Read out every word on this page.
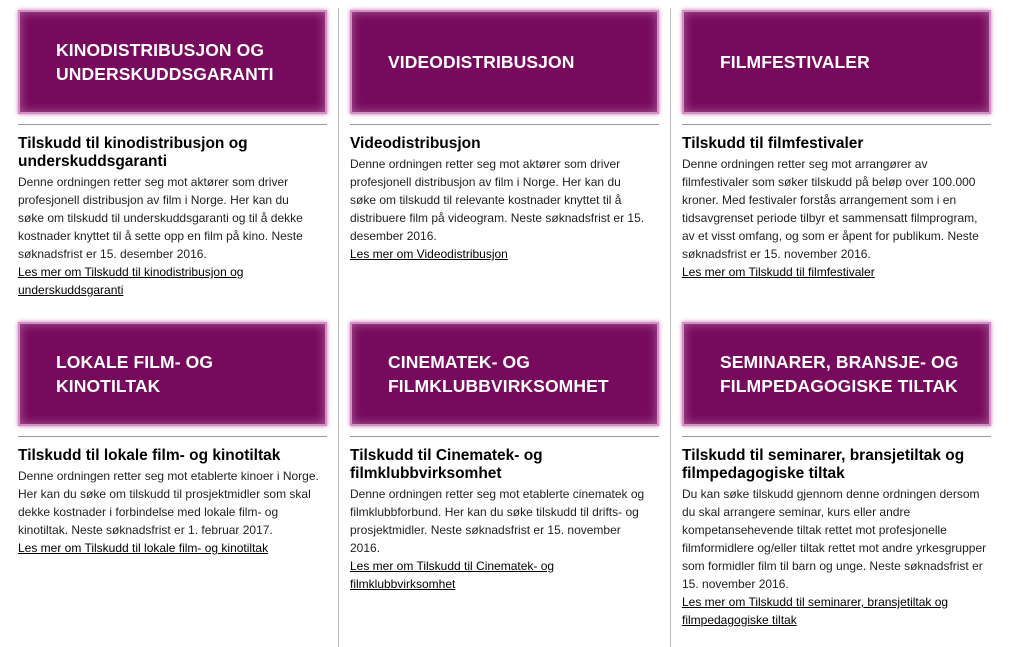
KINODISTRIBUSJON OG UNDERSKUDDSGARANTI
Tilskudd til kinodistribusjon og underskuddsgaranti
Denne ordningen retter seg mot aktører som driver profesjonell distribusjon av film i Norge. Her kan du søke om tilskudd til underskuddsgaranti og til å dekke kostnader knyttet til å sette opp en film på kino. Neste søknadsfrist er 15. desember 2016.
Les mer om Tilskudd til kinodistribusjon og underskuddsgaranti
VIDEODISTRIBUSJON
Videodistribusjon
Denne ordningen retter seg mot aktører som driver profesjonell distribusjon av film i Norge. Her kan du søke om tilskudd til relevante kostnader knyttet til å distribuere film på videogram. Neste søknadsfrist er 15. desember 2016.
Les mer om Videodistribusjon
FILMFESTIVALER
Tilskudd til filmfestivaler
Denne ordningen retter seg mot arrangører av filmfestivaler som søker tilskudd på beløp over 100.000 kroner. Med festivaler forstås arrangement som i en tidsavgrenset periode tilbyr et sammensatt filmprogram, av et visst omfang, og som er åpent for publikum. Neste søknadsfrist er 15. november 2016.
Les mer om Tilskudd til filmfestivaler
LOKALE FILM- OG KINOTILTAK
Tilskudd til lokale film- og kinotiltak
Denne ordningen retter seg mot etablerte kinoer i Norge. Her kan du søke om tilskudd til prosjektmidler som skal dekke kostnader i forbindelse med lokale film- og kinotiltak. Neste søknadsfrist er 1. februar 2017.
Les mer om Tilskudd til lokale film- og kinotiltak
CINEMATEK- OG FILMKLUBBVIRKSOMHET
Tilskudd til Cinematek- og filmklubbvirksomhet
Denne ordningen retter seg mot etablerte cinematek og filmklubbforbund. Her kan du søke tilskudd til drifts- og prosjektmidler. Neste søknadsfrist er 15. november 2016.
Les mer om Tilskudd til Cinematek- og filmklubbvirksomhet
SEMINARER, BRANSJE- OG FILMPEDAGOGISKE TILTAK
Tilskudd til seminarer, bransjetiltak og filmpedagogiske tiltak
Du kan søke tilskudd gjennom denne ordningen dersom du skal arrangere seminar, kurs eller andre kompetansehevende tiltak rettet mot profesjonelle filmformidlere og/eller tiltak rettet mot andre yrkesgrupper som formidler film til barn og unge. Neste søknadsfrist er 15. november 2016.
Les mer om Tilskudd til seminarer, bransjetiltak og filmpedagogiske tiltak
